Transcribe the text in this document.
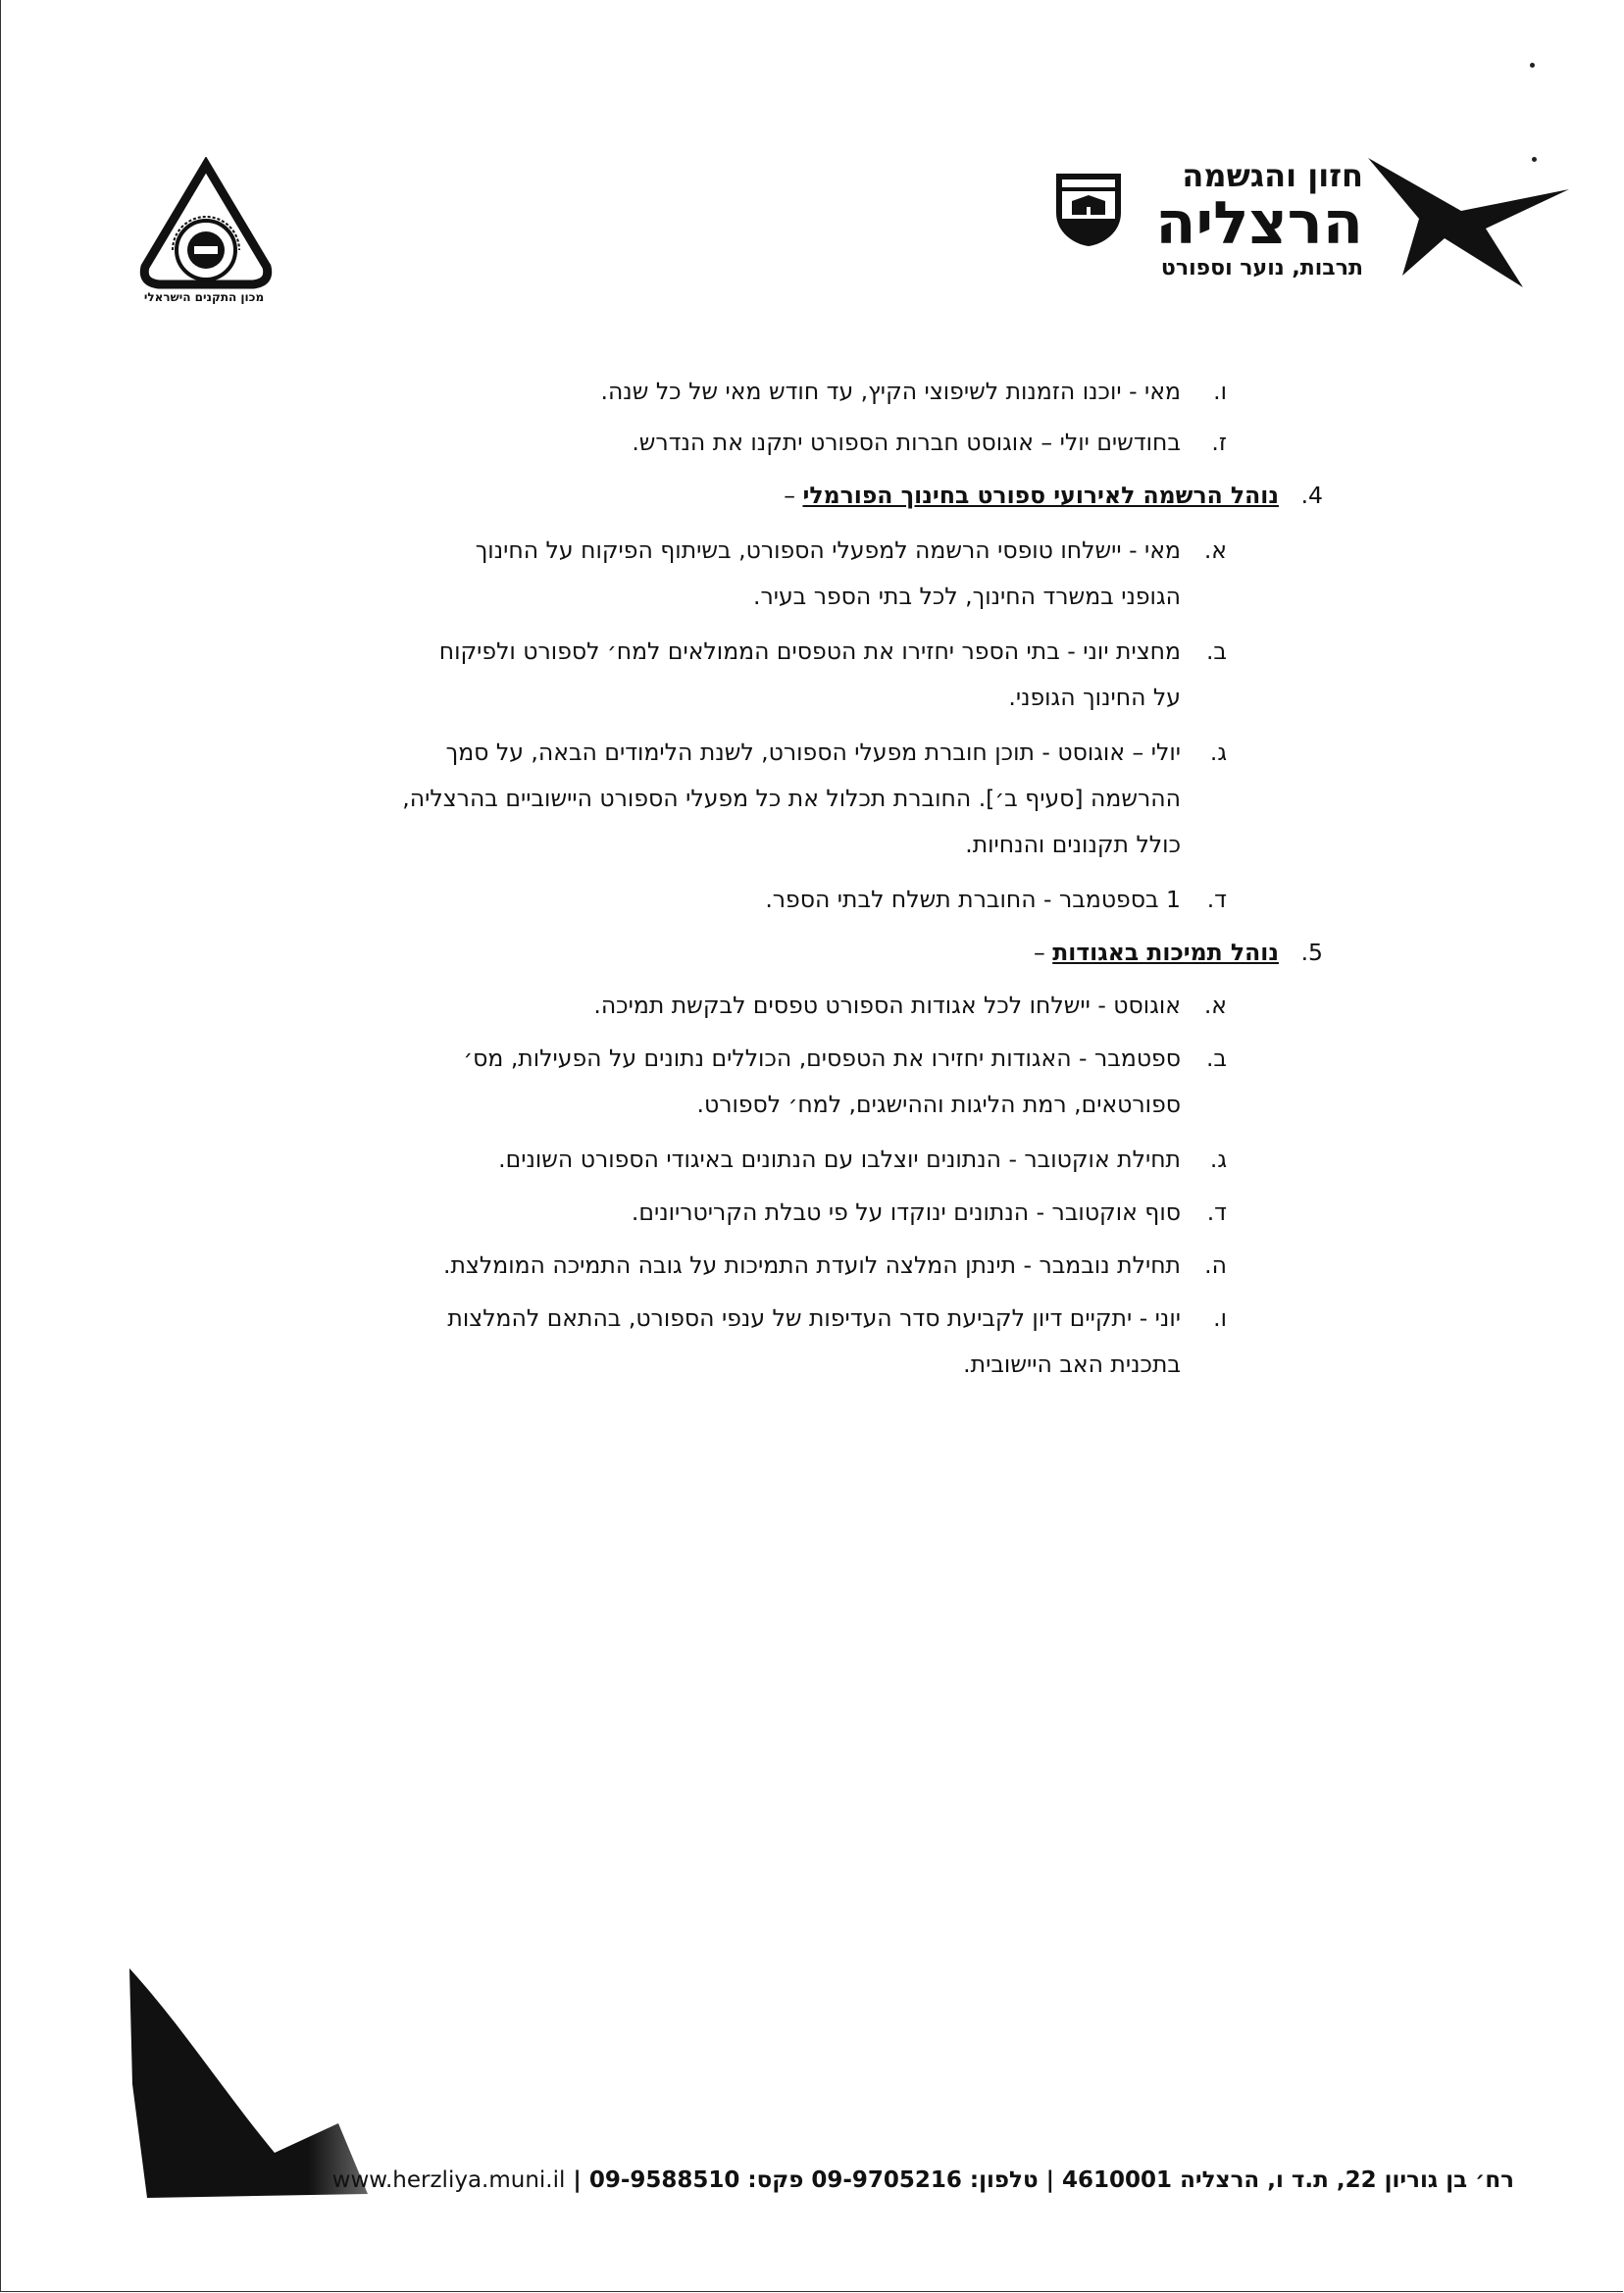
חזון והגשמה

הרצליה

תרבות, נוער וספורט

מכון התקנים הישראלי

ו.

מאי - יוכנו הזמנות לשיפוצי הקיץ, עד חודש מאי של כל שנה.

ז.

בחודשים יולי – אוגוסט חברות הספורט יתקנו את הנדרש.

4.

נוהל הרשמה לאירועי ספורט בחינוך הפורמלי –

א.

מאי - יישלחו טופסי הרשמה למפעלי הספורט, בשיתוף הפיקוח על החינוך

הגופני במשרד החינוך, לכל בתי הספר בעיר.

ב.

מחצית יוני - בתי הספר יחזירו את הטפסים הממולאים למח׳ לספורט ולפיקוח

על החינוך הגופני.

ג.

יולי – אוגוסט - תוכן חוברת מפעלי הספורט, לשנת הלימודים הבאה, על סמך

ההרשמה [סעיף ב׳]. החוברת תכלול את כל מפעלי הספורט היישוביים בהרצליה,

כולל תקנונים והנחיות.

ד.

1 בספטמבר - החוברת תשלח לבתי הספר.

5.

נוהל תמיכות באגודות –

א.

אוגוסט - יישלחו לכל אגודות הספורט טפסים לבקשת תמיכה.

ב.

ספטמבר - האגודות יחזירו את הטפסים, הכוללים נתונים על הפעילות, מס׳

ספורטאים, רמת הליגות וההישגים, למח׳ לספורט.

ג.

תחילת אוקטובר - הנתונים יוצלבו עם הנתונים באיגודי הספורט השונים.

ד.

סוף אוקטובר - הנתונים ינוקדו על פי טבלת הקריטריונים.

ה.

תחילת נובמבר - תינתן המלצה לועדת התמיכות על גובה התמיכה המומלצת.

ו.

יוני - יתקיים דיון לקביעת סדר העדיפות של ענפי הספורט, בהתאם להמלצות

בתכנית האב היישובית.

רח׳ בן גוריון 22, ת.ד ו, הרצליה 4610001 | טלפון: 09-9705216 פקס: 09-9588510 | www.herzliya.muni.il
